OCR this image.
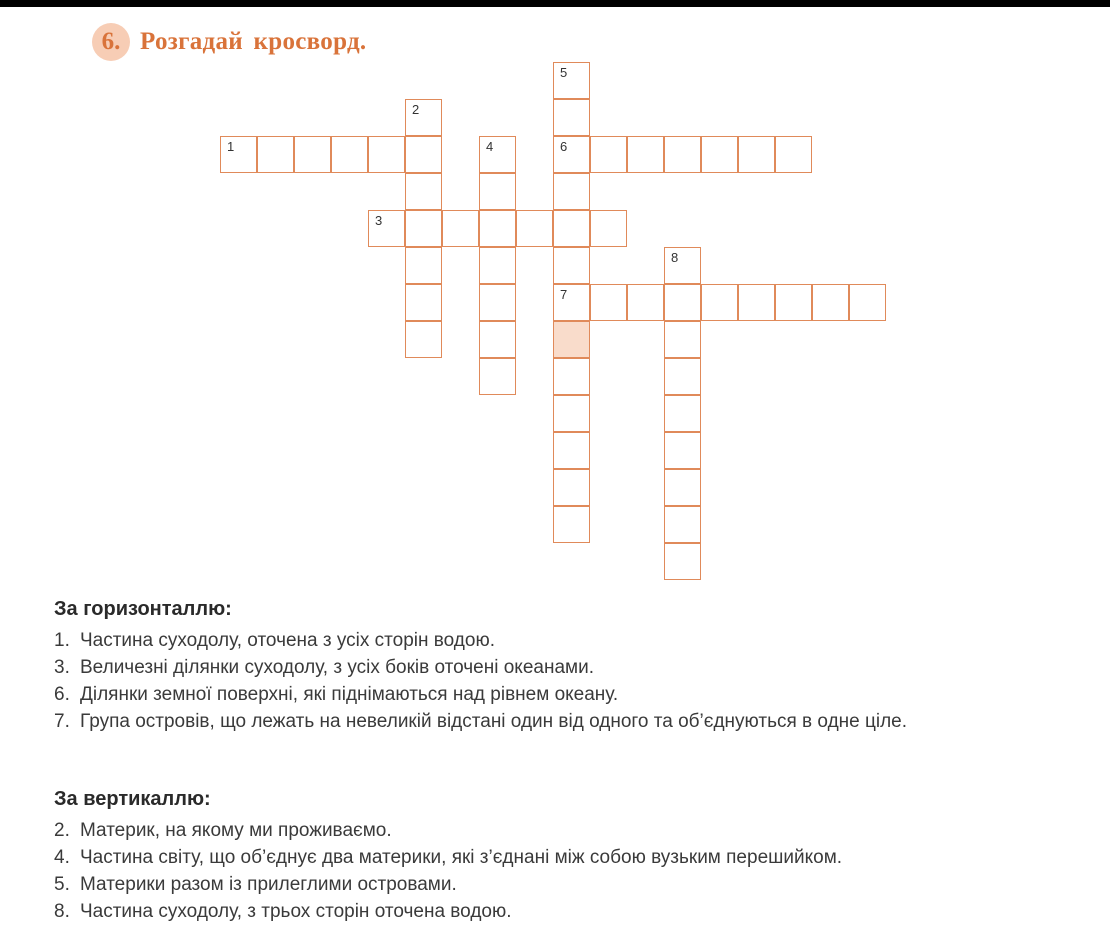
6. Розгадай кросворд.
1
2
3
4
5
6
7
8
За горизонталлю:
1. Частина суходолу, оточена з усіх сторін водою.
3. Величезні ділянки суходолу, з усіх боків оточені океанами.
6. Ділянки земної поверхні, які піднімаються над рівнем океану.
7. Група островів, що лежать на невеликій відстані один від одного та об’єднуються в одне ціле.
За вертикаллю:
2. Материк, на якому ми проживаємо.
4. Частина світу, що об’єднує два материки, які з’єднані між собою вузьким перешийком.
5. Материки разом із прилеглими островами.
8. Частина суходолу, з трьох сторін оточена водою.
